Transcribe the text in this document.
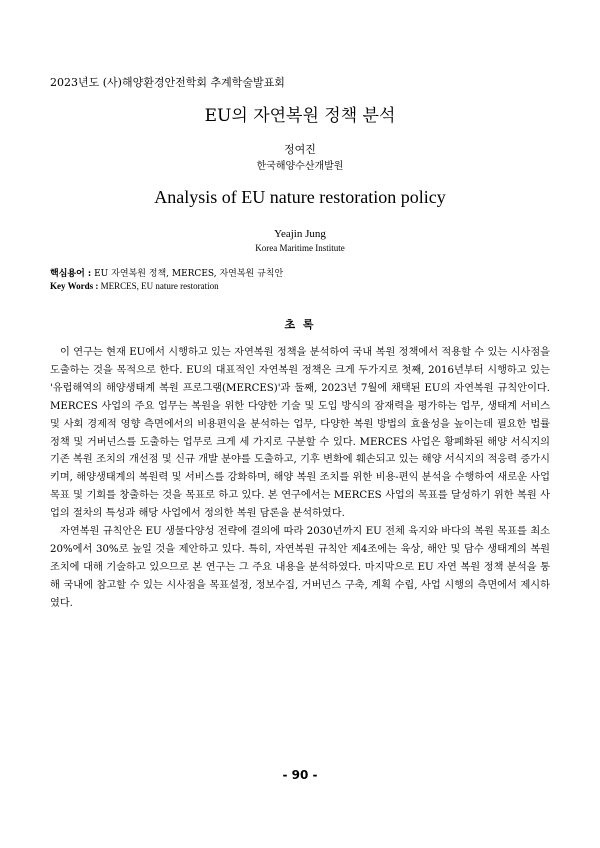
2023년도 (사)해양환경안전학회 추계학술발표회
EU의 자연복원 정책 분석
정여진
한국해양수산개발원
Analysis of EU nature restoration policy
Yeajin Jung
Korea Maritime Institute
핵심용어 : EU 자연복원 정책, MERCES, 자연복원 규칙안
Key Words : MERCES, EU nature restoration
초 록

이 연구는 현재 EU에서 시행하고 있는 자연복원 정책을 분석하여 국내 복원 정책에서 적용할 수 있는 시사점을 도출하는 것을 목적으로 한다. EU의 대표적인 자연복원 정책은 크게 두가지로 첫째, 2016년부터 시행하고 있는 '유럽해역의 해양생태계 복원 프로그램(MERCES)'과 둘째, 2023년 7월에 채택된 EU의 자연복원 규칙안이다. MERCES 사업의 주요 업무는 복원을 위한 다양한 기술 및 도입 방식의 잠재력을 평가하는 업무, 생태계 서비스 및 사회 경제적 영향 측면에서의 비용편익을 분석하는 업무, 다양한 복원 방법의 효율성을 높이는데 필요한 법률 정책 및 거버넌스를 도출하는 업무로 크게 세 가지로 구분할 수 있다. MERCES 사업은 황폐화된 해양 서식지의 기존 복원 조치의 개선점 및 신규 개발 분야를 도출하고, 기후 변화에 훼손되고 있는 해양 서식지의 적응력 증가시키며, 해양생태계의 복원력 및 서비스를 강화하며, 해양 복원 조치를 위한 비용-편익 분석을 수행하여 새로운 사업 목표 및 기회를 창출하는 것을 목표로 하고 있다. 본 연구에서는 MERCES 사업의 목표를 달성하기 위한 복원 사업의 절차의 특성과 해당 사업에서 정의한 복원 담론을 분석하였다.

자연복원 규칙안은 EU 생물다양성 전략에 결의에 따라 2030년까지 EU 전체 육지와 바다의 복원 목표를 최소 20%에서 30%로 높일 것을 제안하고 있다. 특히, 자연복원 규칙안 제4조에는 육상, 해안 및 담수 생태계의 복원 조치에 대해 기술하고 있으므로 본 연구는 그 주요 내용을 분석하였다. 마지막으로 EU 자연 복원 정책 분석을 통해 국내에 참고할 수 있는 시사점을 목표설정, 정보수집, 거버넌스 구축, 계획 수립, 사업 시행의 측면에서 제시하였다.

- 90 -
